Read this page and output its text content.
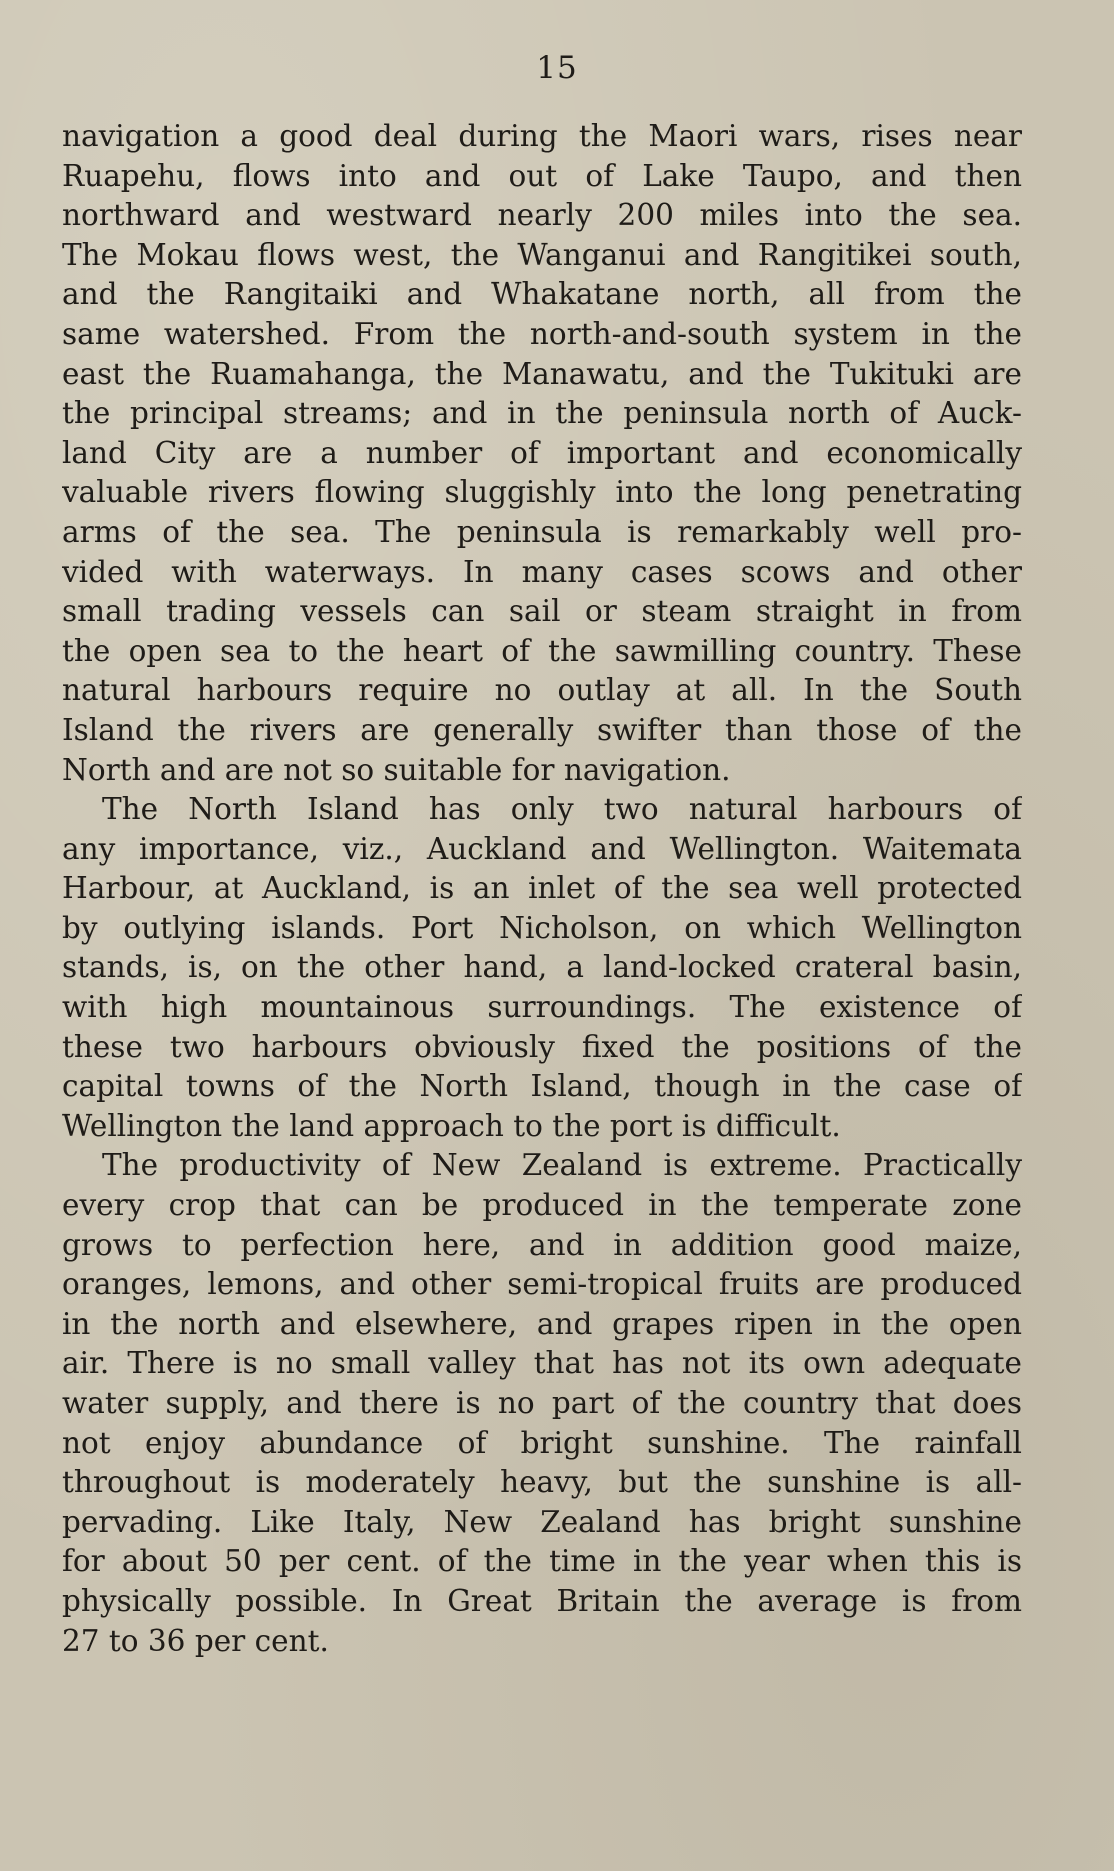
15
navigation a good deal during the Maori wars, rises near
Ruapehu, flows into and out of Lake Taupo, and then
northward and westward nearly 200 miles into the sea.
The Mokau flows west, the Wanganui and Rangitikei south,
and the Rangitaiki and Whakatane north, all from the
same watershed. From the north-and-south system in the
east the Ruamahanga, the Manawatu, and the Tukituki are
the principal streams; and in the peninsula north of Auck-
land City are a number of important and economically
valuable rivers flowing sluggishly into the long penetrating
arms of the sea. The peninsula is remarkably well pro-
vided with waterways. In many cases scows and other
small trading vessels can sail or steam straight in from
the open sea to the heart of the sawmilling country. These
natural harbours require no outlay at all. In the South
Island the rivers are generally swifter than those of the
North and are not so suitable for navigation.
The North Island has only two natural harbours of
any importance, viz., Auckland and Wellington. Waitemata
Harbour, at Auckland, is an inlet of the sea well protected
by outlying islands. Port Nicholson, on which Wellington
stands, is, on the other hand, a land-locked crateral basin,
with high mountainous surroundings. The existence of
these two harbours obviously fixed the positions of the
capital towns of the North Island, though in the case of
Wellington the land approach to the port is difficult.
The productivity of New Zealand is extreme. Practically
every crop that can be produced in the temperate zone
grows to perfection here, and in addition good maize,
oranges, lemons, and other semi-tropical fruits are produced
in the north and elsewhere, and grapes ripen in the open
air. There is no small valley that has not its own adequate
water supply, and there is no part of the country that does
not enjoy abundance of bright sunshine. The rainfall
throughout is moderately heavy, but the sunshine is all-
pervading. Like Italy, New Zealand has bright sunshine
for about 50 per cent. of the time in the year when this is
physically possible. In Great Britain the average is from
27 to 36 per cent.
